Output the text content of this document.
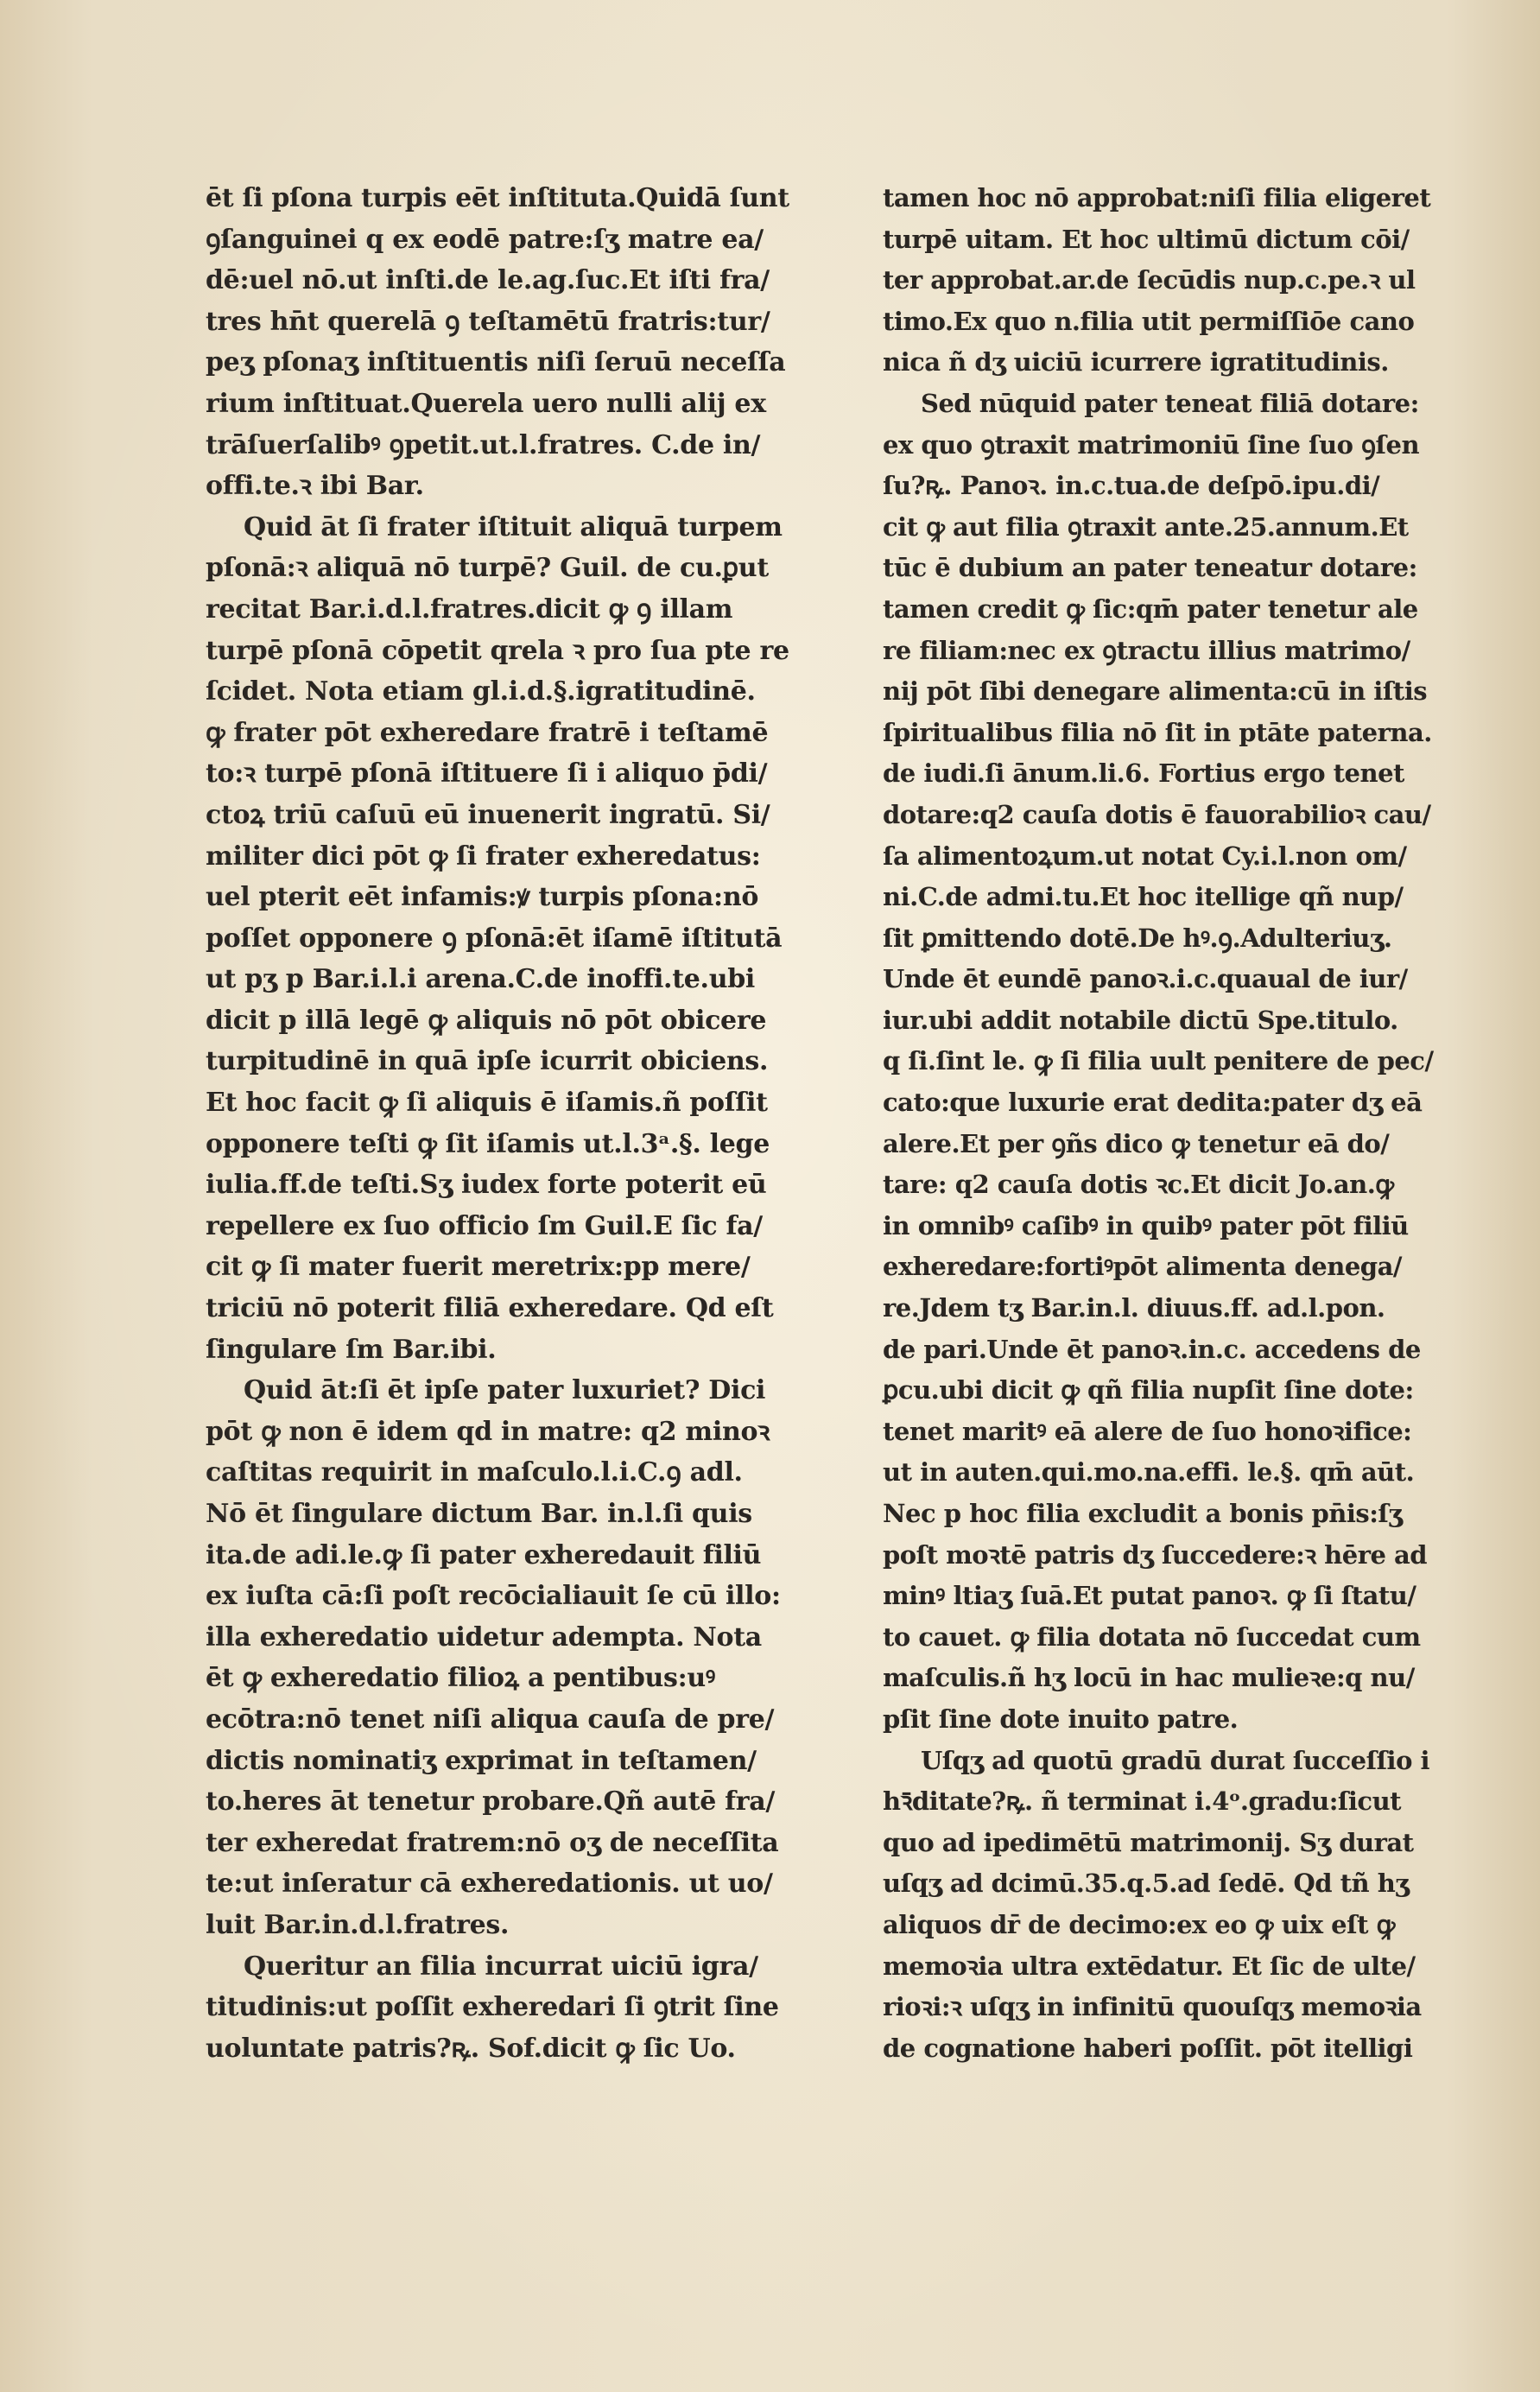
ēt ſi pſona turpis eēt inſtituta.Quidā ſunt
ꝯſanguinei q ex eodē patre:ſʒ matre ea/
dē:uel nō.ut inſti.de le.ag.ſuc.Et iſti fra/
tres hn̄t querelā ꝯ teſtamētū fratris:tur/
peʒ pſonaʒ inſtituentis niſi ſeruū neceſſa
rium inſtituat.Querela uero nulli alij ex
trāſuerſalibꝰ ꝯpetit.ut.l.fratres. C.de in/
offi.te.ꝛ ibi Bar.
Quid āt ſi frater iſtituit aliquā turpem
pſonā:ꝛ aliquā nō turpē? Guil. de cu.ꝑut
recitat Bar.i.d.l.fratres.dicit ꝙ ꝯ illam
turpē pſonā cōpetit qrela ꝛ pro ſua pte re
ſcidet. Nota etiam gl.i.d.§.igratitudinē.
ꝙ frater pōt exheredare fratrē i teſtamē
to:ꝛ turpē pſonā iſtituere ſi i aliquo p̄di/
ctoꝝ triū caſuū eū inuenerit ingratū. Si/
militer dici pōt ꝙ ſi frater exheredatus:
uel pterit eēt infamis:ꝟ turpis pſona:nō
poſſet opponere ꝯ pſonā:ēt iſamē iſtitutā
ut pʒ p Bar.i.l.i arena.C.de inoffi.te.ubi
dicit p illā legē ꝙ aliquis nō pōt obicere
turpitudinē in quā ipſe icurrit obiciens.
Et hoc facit ꝙ ſi aliquis ē iſamis.ñ poſſit
opponere teſti ꝙ ſit iſamis ut.l.3ᵃ.§. lege
iulia.ff.de teſti.Sʒ iudex forte poterit eū
repellere ex ſuo officio ſm Guil.E ſic fa/
cit ꝙ ſi mater fuerit meretrix:pp mere/
triciū nō poterit filiā exheredare. Qd eſt
ſingulare ſm Bar.ibi.
Quid āt:ſi ēt ipſe pater luxuriet? Dici
pōt ꝙ non ē idem qd in matre: q2 minoꝛ
caſtitas requirit in maſculo.l.i.C.ꝯ adl.
Nō ēt ſingulare dictum Bar. in.l.ſi quis
ita.de adi.le.ꝙ ſi pater exheredauit filiū
ex iuſta cā:ſi poſt recōcialiauit ſe cū illo:
illa exheredatio uidetur adempta. Nota
ēt ꝙ exheredatio filioꝝ a pentibus:uꝰ
ecōtra:nō tenet niſi aliqua cauſa de pre/
dictis nominatiʒ exprimat in teſtamen/
to.heres āt tenetur probare.Qñ autē fra/
ter exheredat fratrem:nō oʒ de neceſſita
te:ut inſeratur cā exheredationis. ut uo/
luit Bar.in.d.l.fratres.
Queritur an filia incurrat uiciū igra/
titudinis:ut poſſit exheredari ſi ꝯtrit ſine
uoluntate patris?ꝶ. Sof.dicit ꝙ ſic Uo.
tamen hoc nō approbat:niſi filia eligeret
turpē uitam. Et hoc ultimū dictum cōi/
ter approbat.ar.de ſecūdis nup.c.pe.ꝛ ul
timo.Ex quo n.filia utit permiſſiōe cano
nica ñ dʒ uiciū icurrere igratitudinis.
Sed nūquid pater teneat filiā dotare:
ex quo ꝯtraxit matrimoniū ſine ſuo ꝯſen
ſu?ꝶ. Panoꝛ. in.c.tua.de deſpō.ipu.di/
cit ꝙ aut filia ꝯtraxit ante.25.annum.Et
tūc ē dubium an pater teneatur dotare:
tamen credit ꝙ ſic:qm̄ pater tenetur ale
re filiam:nec ex ꝯtractu illius matrimo/
nij pōt ſibi denegare alimenta:cū in iſtis
ſpiritualibus filia nō ſit in ptāte paterna.
de iudi.ſi ānum.li.6. Fortius ergo tenet
dotare:q2 cauſa dotis ē fauorabilioꝛ cau/
ſa alimentoꝝum.ut notat Cy.i.l.non om/
ni.C.de admi.tu.Et hoc itellige qñ nup/
ſit ꝑmittendo dotē.De hꝰ.ꝯ.Adulteriuʒ.
Unde ēt eundē panoꝛ.i.c.quaual de iur/
iur.ubi addit notabile dictū Spe.titulo.
q ſi.ſint le. ꝙ ſi filia uult penitere de pec/
cato:que luxurie erat dedita:pater dʒ eā
alere.Et per ꝯñs dico ꝙ tenetur eā do/
tare: q2 cauſa dotis ꝛc.Et dicit Jo.an.ꝙ
in omnibꝰ caſibꝰ in quibꝰ pater pōt filiū
exheredare:fortiꝰpōt alimenta denega/
re.Jdem tʒ Bar.in.l. diuus.ff. ad.l.pon.
de pari.Unde ēt panoꝛ.in.c. accedens de
ꝑcu.ubi dicit ꝙ qñ filia nupſit ſine dote:
tenet maritꝰ eā alere de ſuo honoꝛifice:
ut in auten.qui.mo.na.effi. le.§. qm̄ aūt.
Nec p hoc filia excludit a bonis pn̄is:ſʒ
poſt moꝛtē patris dʒ ſuccedere:ꝛ hēre ad
minꝰ ltiaʒ ſuā.Et putat panoꝛ. ꝙ ſi ſtatu/
to cauet. ꝙ filia dotata nō ſuccedat cum
maſculis.ñ hʒ locū in hac mulieꝛe:q nu/
pſit ſine dote inuito patre.
Uſqʒ ad quotū gradū durat ſucceſſio i
hꝛ̄ditate?ꝶ. ñ terminat i.4ᵒ.gradu:ſicut
quo ad ipedimētū matrimonij. Sʒ durat
uſqʒ ad dcimū.35.q.5.ad ſedē. Qd tñ hʒ
aliquos dr̄ de decimo:ex eo ꝙ uix eſt ꝙ
memoꝛia ultra extēdatur. Et ſic de ulte/
rioꝛi:ꝛ uſqʒ in infinitū quouſqʒ memoꝛia
de cognatione haberi poſſit. pōt itelligi
